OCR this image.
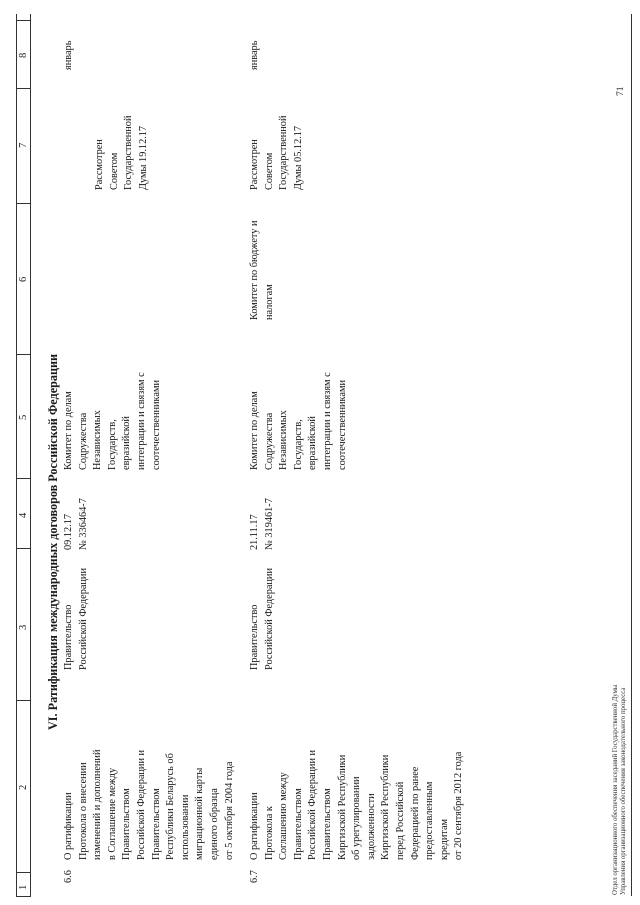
VI. Ратификация международных договоров Российской Федерации
6.6
О ратификации Протокола о внесении изменений и дополнений в Соглашение между Правительством Российской Федерации и Правительством Республики Беларусь об использовании миграционной карты единого образца от 5 октября 2004 года
Правительство Российской Федерации
09.12.17 № 336464-7
Комитет по делам Содружества Независимых Государств, евразийской интеграции и связям с соотечественниками
Рассмотрен Советом Государственной Думы 19.12.17
январь
6.7
О ратификации Протокола к Соглашению между Правительством Российской Федерации и Правительством Киргизской Республики об урегулировании задолженности Киргизской Республики перед Российской Федерацией по ранее предоставленным кредитам от 20 сентября 2012 года
Правительство Российской Федерации
21.11.17 № 319461-7
Комитет по делам Содружества Независимых Государств, евразийской интеграции и связям с соотечественниками
Комитет по бюджету и налогам
Рассмотрен Советом Государственной Думы 05.12.17
январь
Отдел организационного обеспечения заседаний Государственной Думы Управления организационного обеспечения законодательного процесса
71
1
2
3
4
5
6
7
8
